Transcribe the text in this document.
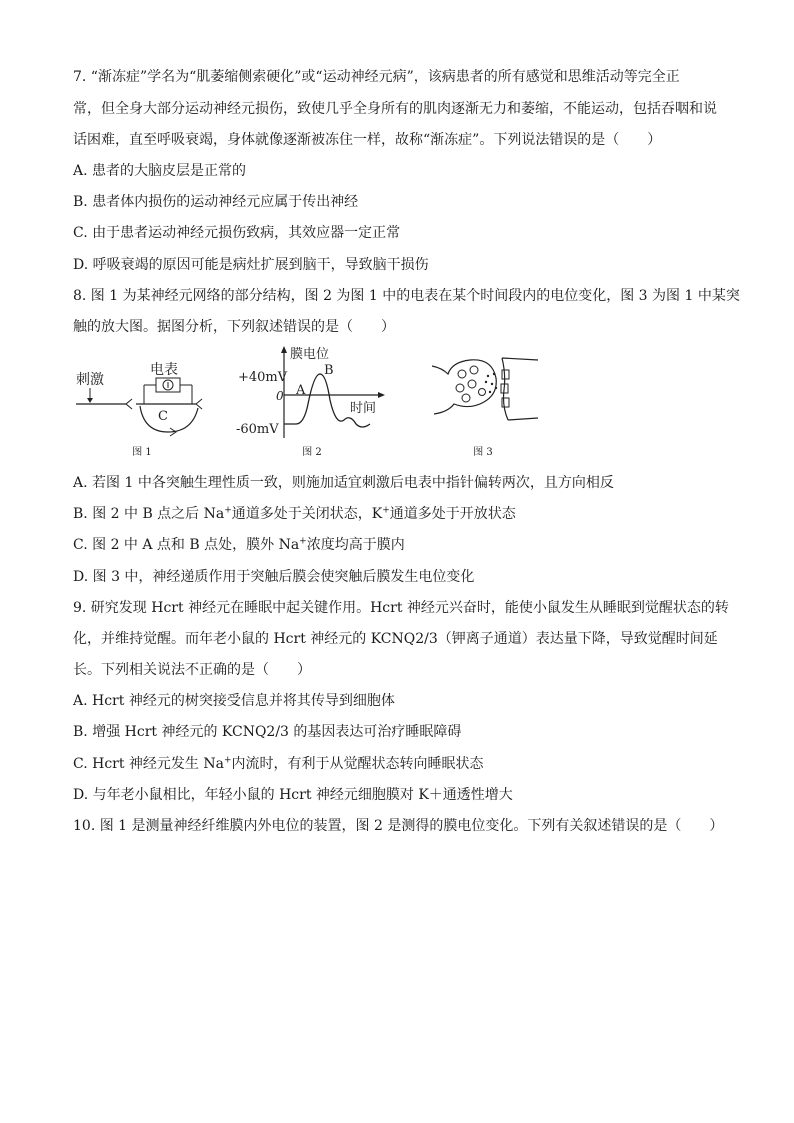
7. “渐冻症”学名为“肌萎缩侧索硬化”或“运动神经元病”，该病患者的所有感觉和思维活动等完全正
常，但全身大部分运动神经元损伤，致使几乎全身所有的肌肉逐渐无力和萎缩，不能运动，包括吞咽和说
话困难，直至呼吸衰竭，身体就像逐渐被冻住一样，故称“渐冻症”。下列说法错误的是（　　）
A. 患者的大脑皮层是正常的
B. 患者体内损伤的运动神经元应属于传出神经
C. 由于患者运动神经元损伤致病，其效应器一定正常
D. 呼吸衰竭的原因可能是病灶扩展到脑干，导致脑干损伤
8. 图 1 为某神经元网络的部分结构，图 2 为图 1 中的电表在某个时间段内的电位变化，图 3 为图 1 中某突
触的放大图。据图分析，下列叙述错误的是（　　）
刺激
电表
C
图 1
膜电位
+40mV
0
时间
-60mV
A
B
图 2	图 3
A. 若图 1 中各突触生理性质一致，则施加适宜刺激后电表中指针偏转两次，且方向相反
B. 图 2 中 B 点之后 Na+通道多处于关闭状态，K+通道多处于开放状态
C. 图 2 中 A 点和 B 点处，膜外 Na+浓度均高于膜内
D. 图 3 中，神经递质作用于突触后膜会使突触后膜发生电位变化
9. 研究发现 Hcrt 神经元在睡眠中起关键作用。Hcrt 神经元兴奋时，能使小鼠发生从睡眠到觉醒状态的转
化，并维持觉醒。而年老小鼠的 Hcrt 神经元的 KCNQ2/3（钾离子通道）表达量下降，导致觉醒时间延
长。下列相关说法不正确的是（　　）
A. Hcrt 神经元的树突接受信息并将其传导到细胞体
B. 增强 Hcrt 神经元的 KCNQ2/3 的基因表达可治疗睡眠障碍
C. Hcrt 神经元发生 Na+内流时，有利于从觉醒状态转向睡眠状态
D. 与年老小鼠相比，年轻小鼠的 Hcrt 神经元细胞膜对 K＋通透性增大
10. 图 1 是测量神经纤维膜内外电位的装置，图 2 是测得的膜电位变化。下列有关叙述错误的是（　　）
